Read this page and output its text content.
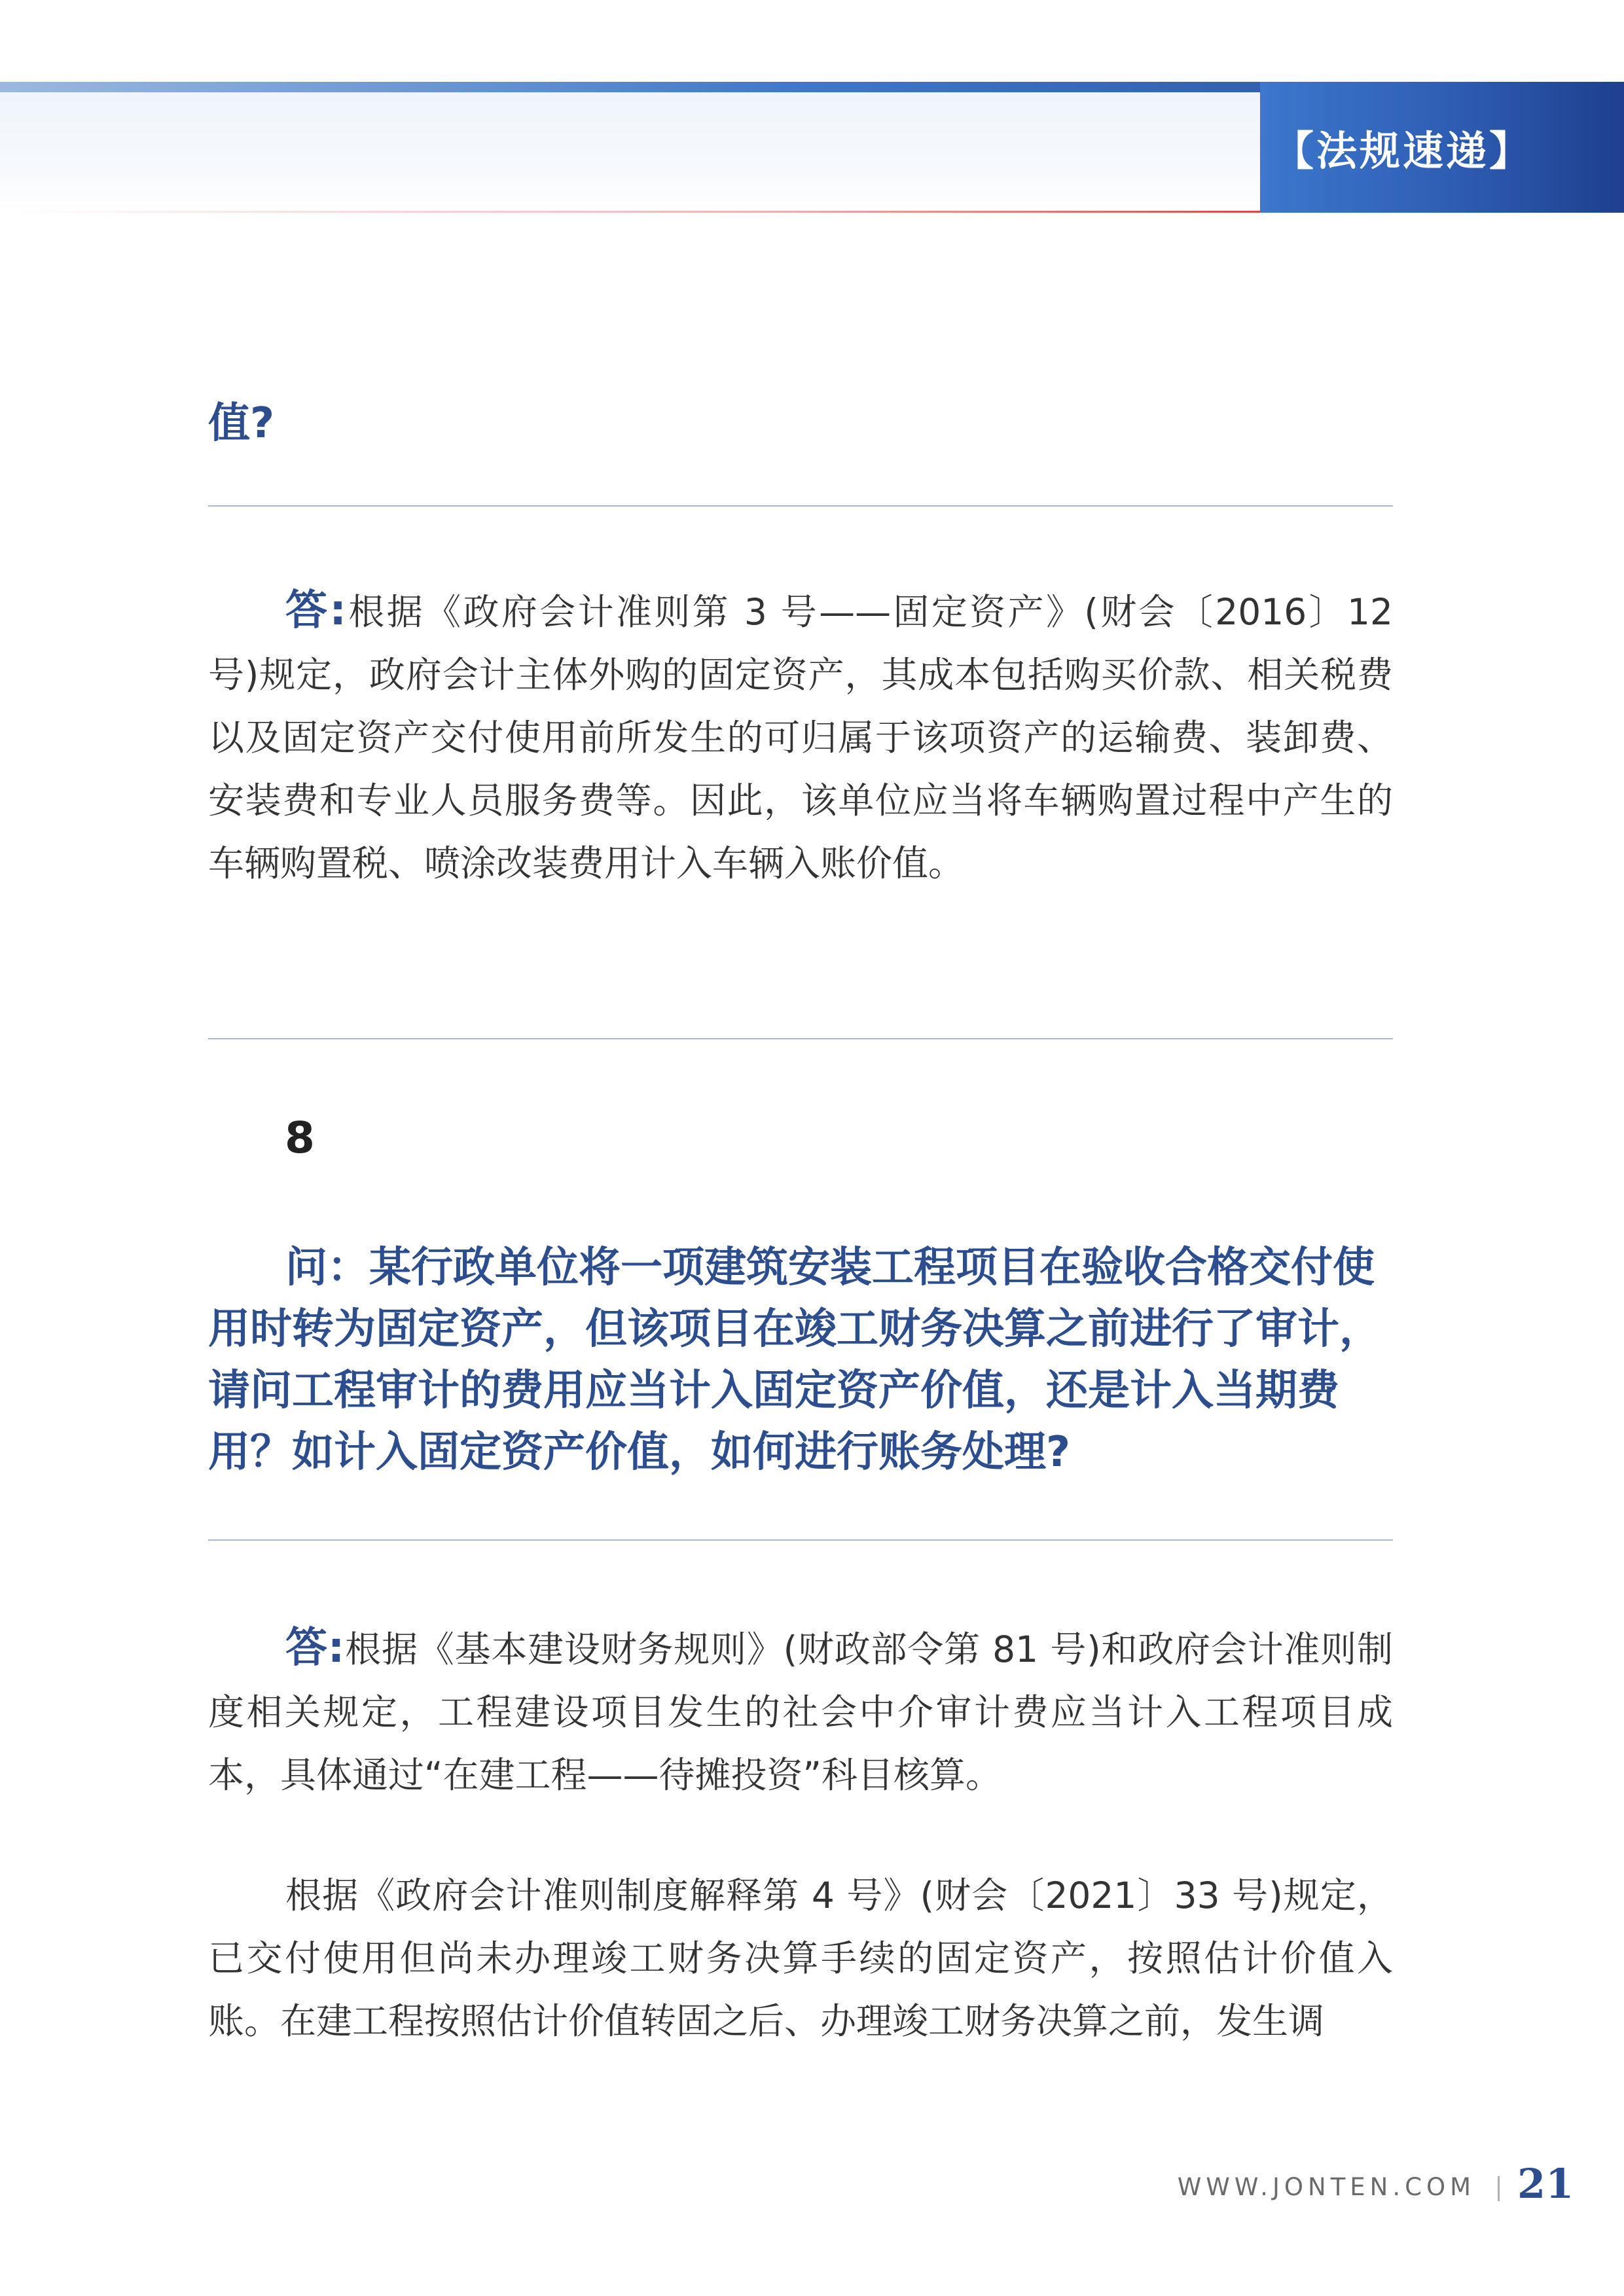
【法规速递】
值?
答:根据《政府会计准则第 3 号——固定资产》(财会〔2016〕12 号)规定，政府会计主体外购的固定资产，其成本包括购买价款、相关税费以及固定资产交付使用前所发生的可归属于该项资产的运输费、装卸费、安装费和专业人员服务费等。因此，该单位应当将车辆购置过程中产生的车辆购置税、喷涂改装费用计入车辆入账价值。
8
问：某行政单位将一项建筑安装工程项目在验收合格交付使用时转为固定资产，但该项目在竣工财务决算之前进行了审计，请问工程审计的费用应当计入固定资产价值，还是计入当期费用？如计入固定资产价值，如何进行账务处理?
答:根据《基本建设财务规则》(财政部令第 81 号)和政府会计准则制度相关规定，工程建设项目发生的社会中介审计费应当计入工程项目成本，具体通过“在建工程——待摊投资”科目核算。
根据《政府会计准则制度解释第 4 号》(财会〔2021〕33 号)规定，已交付使用但尚未办理竣工财务决算手续的固定资产，按照估计价值入账。在建工程按照估计价值转固之后、办理竣工财务决算之前，发生调
WWW.JONTEN.COM 21
